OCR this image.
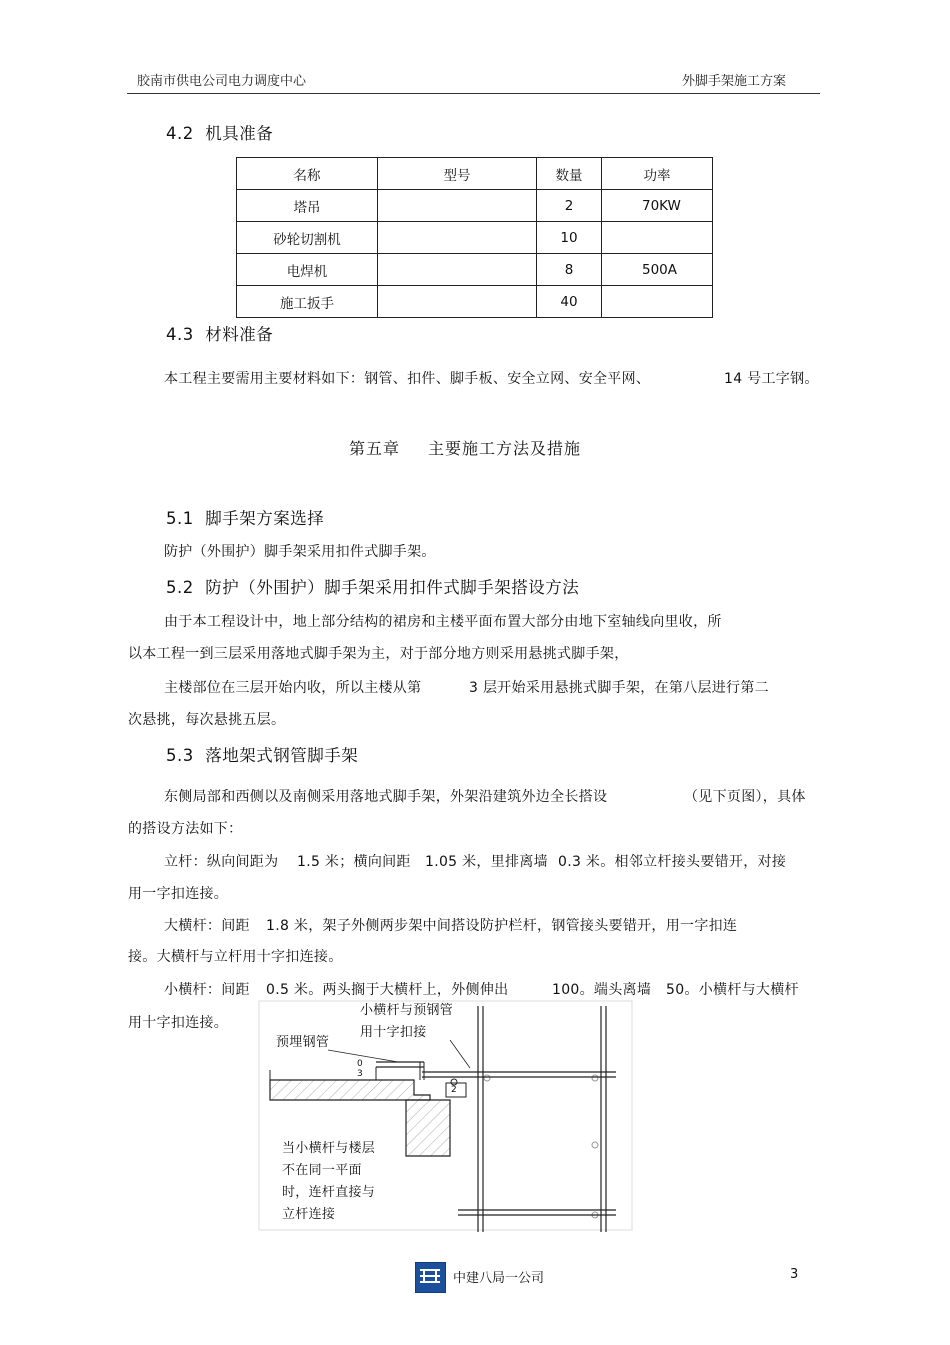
胶南市供电公司电力调度中心	外脚手架施工方案
4.2 机具准备
名称	型号	数量	功率
塔吊		2	70KW
砂轮切割机		10	
电焊机		8	500A
施工扳手		40	
4.3 材料准备
本工程主要需用主要材料如下：钢管、扣件、脚手板、安全立网、安全平网、	14 号工字钢。
第五章 主要施工方法及措施
5.1 脚手架方案选择
防护（外围护）脚手架采用扣件式脚手架。
5.2 防护（外围护）脚手架采用扣件式脚手架搭设方法
由于本工程设计中，地上部分结构的裙房和主楼平面布置大部分由地下室轴线向里收，所
以本工程一到三层采用落地式脚手架为主，对于部分地方则采用悬挑式脚手架，
主楼部位在三层开始内收，所以主楼从第	3 层开始采用悬挑式脚手架，在第八层进行第二
次悬挑，每次悬挑五层。
5.3 落地架式钢管脚手架
东侧局部和西侧以及南侧采用落地式脚手架，外架沿建筑外边全长搭设	（见下页图），具体
的搭设方法如下：
立杆：纵向间距为 1.5 米；横向间距 1.05 米，里排离墙 0.3 米。相邻立杆接头要错开，对接
用一字扣连接。
大横杆：间距 1.8 米，架子外侧两步架中间搭设防护栏杆，钢管接头要错开，用一字扣连
接。大横杆与立杆用十字扣连接。
小横杆：间距 0.5 米。两头搁于大横杆上，外侧伸出	100。端头离墙 50。小横杆与大横杆
用十字扣连接。
小横杆与预钢管用十字扣接
预埋钢管
0
3
2
当小横杆与楼层不在同一平面时，连杆直接与立杆连接
中建八局一公司	3
